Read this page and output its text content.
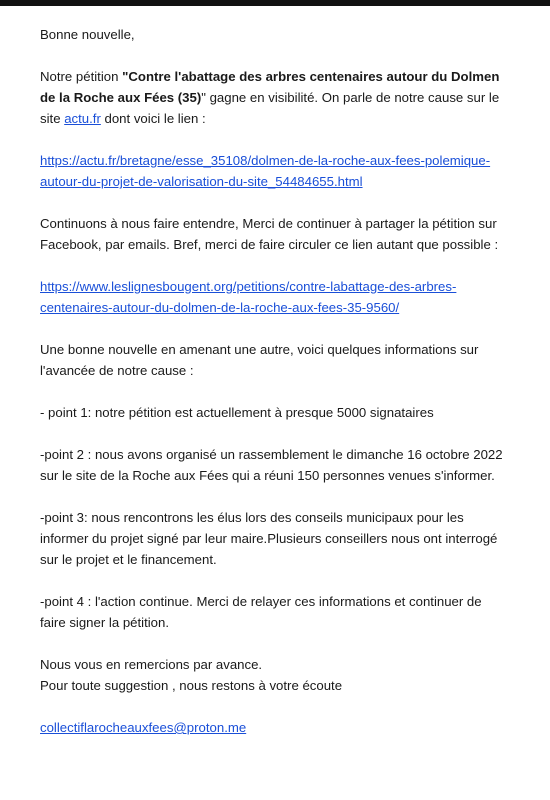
Bonne nouvelle,

Notre pétition "Contre l'abattage des arbres centenaires autour du Dolmen de la Roche aux Fées (35)" gagne en visibilité. On parle de notre cause sur le site actu.fr dont voici le lien :

https://actu.fr/bretagne/esse_35108/dolmen-de-la-roche-aux-fees-polemique-autour-du-projet-de-valorisation-du-site_54484655.html

Continuons à nous faire entendre, Merci de continuer à partager la pétition sur Facebook, par emails. Bref, merci de faire circuler ce lien autant que possible :

https://www.leslignesbougent.org/petitions/contre-labattage-des-arbres-centenaires-autour-du-dolmen-de-la-roche-aux-fees-35-9560/

Une bonne nouvelle en amenant une autre, voici quelques informations sur l'avancée de notre cause :

- point 1: notre pétition est actuellement à presque 5000 signataires

-point 2 : nous avons organisé un rassemblement le dimanche 16 octobre 2022 sur le site de la Roche aux Fées qui a réuni 150 personnes venues s'informer.

-point 3: nous rencontrons les élus lors des conseils municipaux pour les informer du projet signé par leur maire.Plusieurs conseillers nous ont interrogé sur le projet et le financement.

-point 4 : l'action continue. Merci de relayer ces informations et continuer de faire signer la pétition.

Nous vous en remercions par avance.

Pour toute suggestion , nous restons à votre écoute

collectiflarocheauxfees@proton.me
